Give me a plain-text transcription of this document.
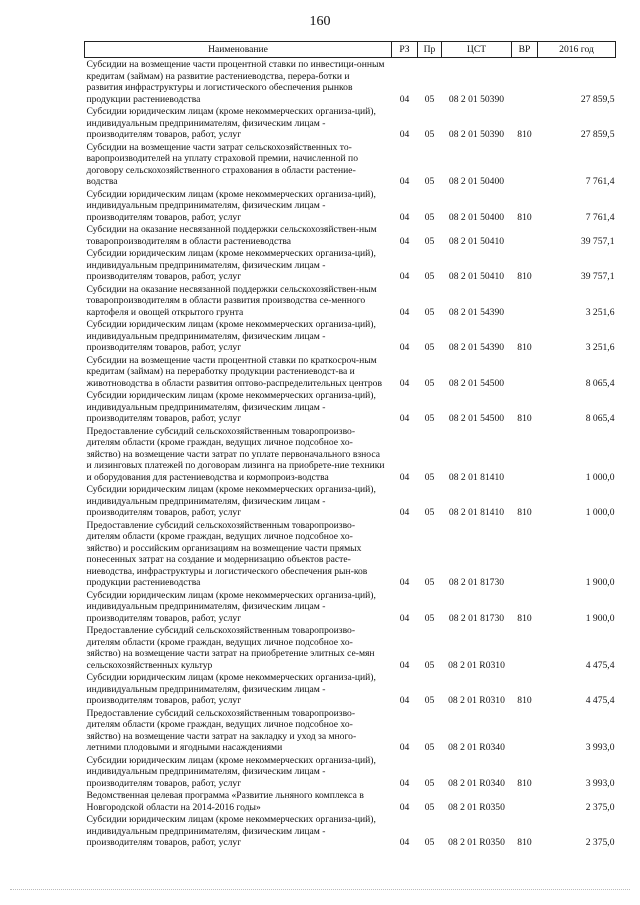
160
Наименование	РЗ	Пр	ЦСТ	ВР	2016 год
Субсидии на возмещение части процентной ставки по инвестици-онным кредитам (займам) на развитие растениеводства, перера-ботки и развития инфраструктуры и логистического обеспечения рынков продукции растениеводства	04	05	08 2 01 50390		27 859,5
Субсидии юридическим лицам (кроме некоммерческих организа-ций), индивидуальным предпринимателям, физическим лицам - производителям товаров, работ, услуг	04	05	08 2 01 50390	810	27 859,5
Субсидии на возмещение части затрат сельскохозяйственных то-варопроизводителей на уплату страховой премии, начисленной по договору сельскохозяйственного страхования в области растение-водства	04	05	08 2 01 50400		7 761,4
Субсидии юридическим лицам (кроме некоммерческих организа-ций), индивидуальным предпринимателям, физическим лицам - производителям товаров, работ, услуг	04	05	08 2 01 50400	810	7 761,4
Субсидии на оказание несвязанной поддержки сельскохозяйствен-ным товаропроизводителям в области растениеводства	04	05	08 2 01 50410		39 757,1
Субсидии юридическим лицам (кроме некоммерческих организа-ций), индивидуальным предпринимателям, физическим лицам - производителям товаров, работ, услуг	04	05	08 2 01 50410	810	39 757,1
Субсидии на оказание несвязанной поддержки сельскохозяйствен-ным товаропроизводителям в области развития производства се-менного картофеля и овощей открытого грунта	04	05	08 2 01 54390		3 251,6
Субсидии юридическим лицам (кроме некоммерческих организа-ций), индивидуальным предпринимателям, физическим лицам - производителям товаров, работ, услуг	04	05	08 2 01 54390	810	3 251,6
Субсидии на возмещение части процентной ставки по краткосроч-ным кредитам (займам) на переработку продукции растениеводст-ва и животноводства в области развития оптово-распределительных центров	04	05	08 2 01 54500		8 065,4
Субсидии юридическим лицам (кроме некоммерческих организа-ций), индивидуальным предпринимателям, физическим лицам - производителям товаров, работ, услуг	04	05	08 2 01 54500	810	8 065,4
Предоставление субсидий сельскохозяйственным товаропроизво-дителям области (кроме граждан, ведущих личное подсобное хо-зяйство) на возмещение части затрат по уплате первоначального взноса и лизинговых платежей по договорам лизинга на приобрете-ние техники и оборудования для растениеводства и кормопроиз-водства	04	05	08 2 01 81410		1 000,0
Субсидии юридическим лицам (кроме некоммерческих организа-ций), индивидуальным предпринимателям, физическим лицам - производителям товаров, работ, услуг	04	05	08 2 01 81410	810	1 000,0
Предоставление субсидий сельскохозяйственным товаропроизво-дителям области (кроме граждан, ведущих личное подсобное хо-зяйство) и российским организациям на возмещение части прямых понесенных затрат на создание и модернизацию объектов расте-ниеводства, инфраструктуры и логистического обеспечения рын-ков продукции растениеводства	04	05	08 2 01 81730		1 900,0
Субсидии юридическим лицам (кроме некоммерческих организа-ций), индивидуальным предпринимателям, физическим лицам - производителям товаров, работ, услуг	04	05	08 2 01 81730	810	1 900,0
Предоставление субсидий сельскохозяйственным товаропроизво-дителям области (кроме граждан, ведущих личное подсобное хо-зяйство) на возмещение части затрат на приобретение элитных се-мян сельскохозяйственных культур	04	05	08 2 01 R0310		4 475,4
Субсидии юридическим лицам (кроме некоммерческих организа-ций), индивидуальным предпринимателям, физическим лицам - производителям товаров, работ, услуг	04	05	08 2 01 R0310	810	4 475,4
Предоставление субсидий сельскохозяйственным товаропроизво-дителям области (кроме граждан, ведущих личное подсобное хо-зяйство) на возмещение части затрат на закладку и уход за много-летними плодовыми и ягодными насаждениями	04	05	08 2 01 R0340		3 993,0
Субсидии юридическим лицам (кроме некоммерческих организа-ций), индивидуальным предпринимателям, физическим лицам - производителям товаров, работ, услуг	04	05	08 2 01 R0340	810	3 993,0
Ведомственная целевая программа «Развитие льняного комплекса в Новгородской области на 2014-2016 годы»	04	05	08 2 01 R0350		2 375,0
Субсидии юридическим лицам (кроме некоммерческих организа-ций), индивидуальным предпринимателям, физическим лицам - производителям товаров, работ, услуг	04	05	08 2 01 R0350	810	2 375,0
